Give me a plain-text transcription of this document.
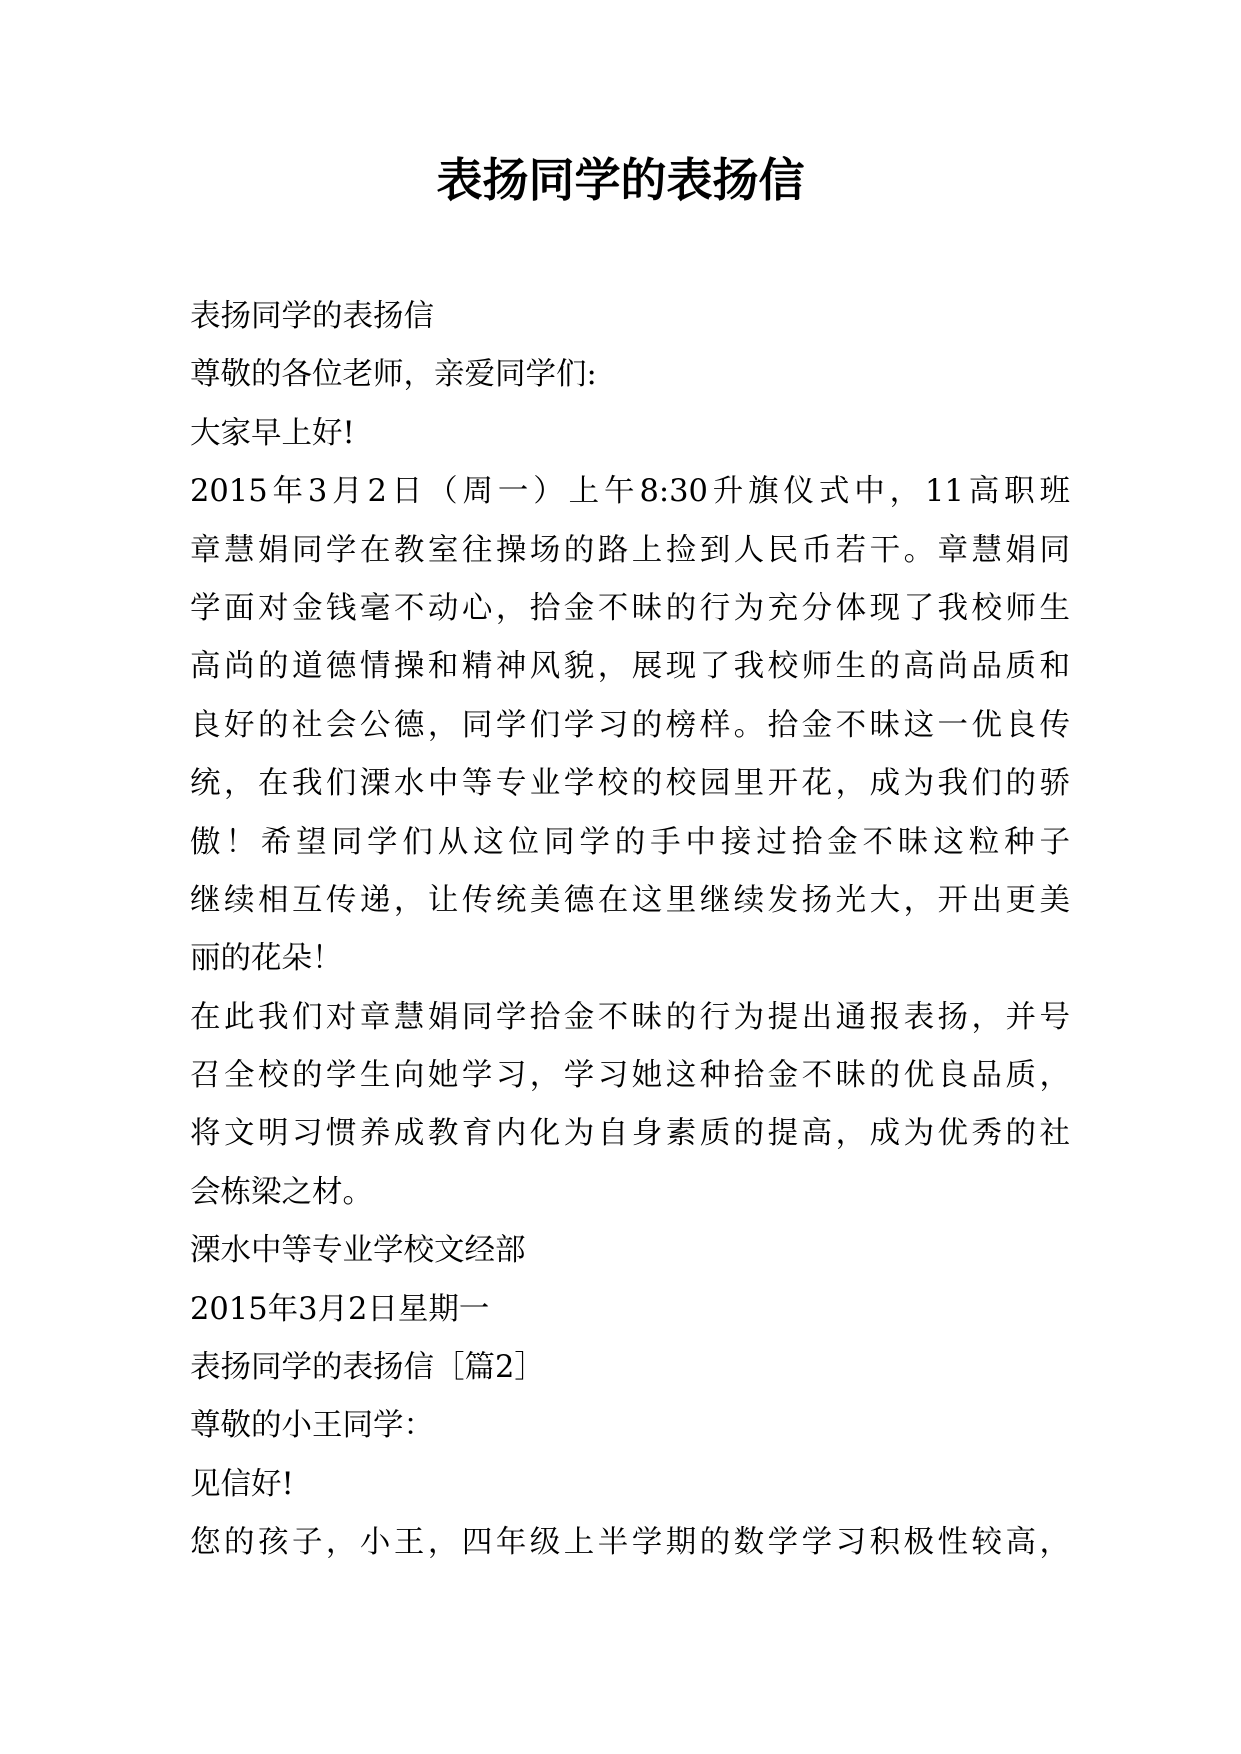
表扬同学的表扬信
表扬同学的表扬信
尊敬的各位老师，亲爱同学们:
大家早上好!
2015年3月2日（周一）上午8:30升旗仪式中，11高职班
章慧娟同学在教室往操场的路上捡到人民币若干。章慧娟同
学面对金钱毫不动心，拾金不昧的行为充分体现了我校师生
高尚的道德情操和精神风貌，展现了我校师生的高尚品质和
良好的社会公德，同学们学习的榜样。拾金不昧这一优良传
统，在我们溧水中等专业学校的校园里开花，成为我们的骄
傲！希望同学们从这位同学的手中接过拾金不昧这粒种子
继续相互传递，让传统美德在这里继续发扬光大，开出更美
丽的花朵！
在此我们对章慧娟同学拾金不昧的行为提出通报表扬，并号
召全校的学生向她学习，学习她这种拾金不昧的优良品质，
将文明习惯养成教育内化为自身素质的提高，成为优秀的社
会栋梁之材。
溧水中等专业学校文经部
2015年3月2日星期一
表扬同学的表扬信［篇2］
尊敬的小王同学：
见信好!
您的孩子，小王，四年级上半学期的数学学习积极性较高，
